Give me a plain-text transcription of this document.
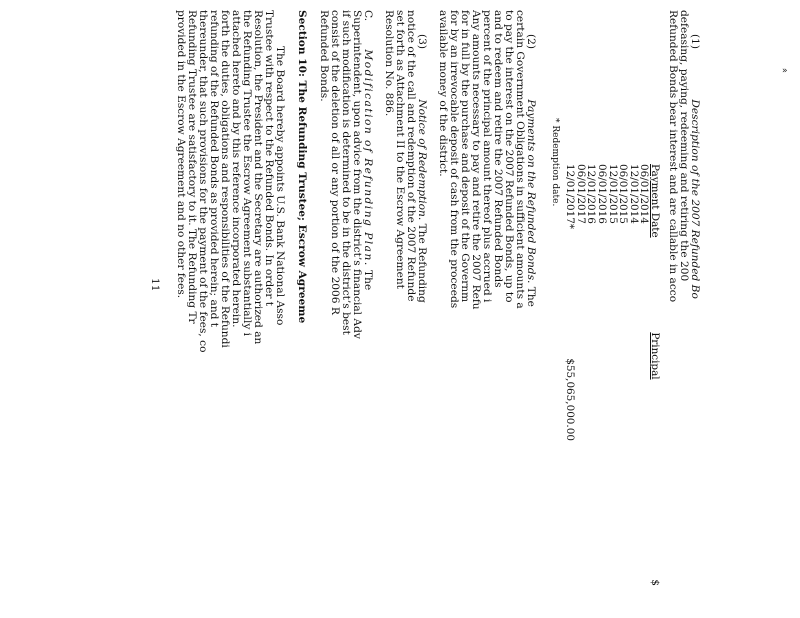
»
(1) Description of the 2007 Refunded Bo
defeasing, paying, redeeming and retiring the 200
Refunded Bonds bear interest and are callable in acco
Payment Date		Principal		$
06/01/2014				
12/01/2014				
06/01/2015				
12/01/2015				
06/01/2016				
12/01/2016				
06/01/2017				
12/01/2017*		$55,065,000.00		
* Redemption date.
(2) Payments on the Refunded Bonds. The
certain Government Obligations in sufficient amounts a
to pay the interest on the 2007 Refunded Bonds, up to
and to redeem and retire the 2007 Refunded Bonds
percent of the principal amount thereof plus accrued i
Any amounts necessary to pay and retire the 2007 Refu
for in full by the purchase and deposit of the Governm
for by an irrevocable deposit of cash from the proceeds
available money of the district.
(3) Notice of Redemption. The Refunding
notice of the call and redemption of the 2007 Refunde
set forth as Attachment II to the Escrow Agreement
Resolution No. 886.
C. Modification of Refunding Plan. The
Superintendent, upon advice from the district’s financial Adv
if such modification is determined to be in the district’s best
consist of the deletion of all or any portion of the 2006 R
Refunded Bonds.
Section 10: The Refunding Trustee; Escrow Agreeme
The Board hereby appoints U.S. Bank National Asso
Trustee with respect to the Refunded Bonds. In order t
Resolution, the President and the Secretary are authorized an
the Refunding Trustee the Escrow Agreement substantially i
attached hereto and by this reference incorporated herein.
forth the duties, obligations and responsibilities of the Refundi
refunding of the Refunded Bonds as provided herein; and t
thereunder, that such provisions for the payment of the fees, co
Refunding Trustee are satisfactory to it. The Refunding Tr
provided in the Escrow Agreement and no other fees.
11
